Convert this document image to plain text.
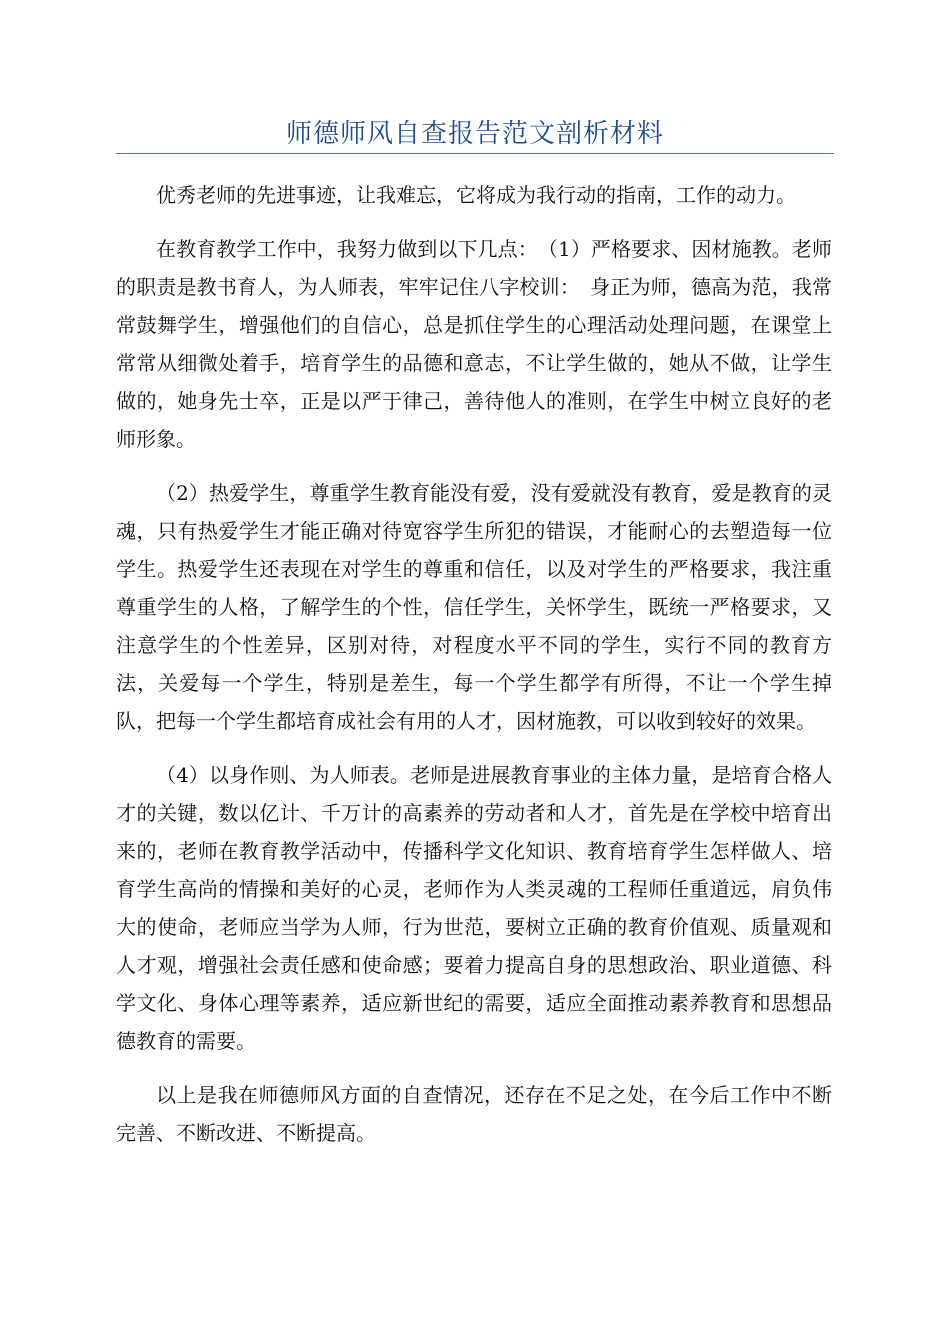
师德师风自查报告范文剖析材料

优秀老师的先进事迹，让我难忘，它将成为我行动的指南，工作的动力。

在教育教学工作中，我努力做到以下几点：　（1）严格要求、因材施教。老师的职责是教书育人，为人师表，牢牢记住八字校训：　身正为师，德高为范，我常常鼓舞学生，增强他们的自信心，总是抓住学生的心理活动处理问题，在课堂上常常从细微处着手，培育学生的品德和意志，不让学生做的，她从不做，让学生做的，她身先士卒，正是以严于律己，善待他人的准则，在学生中树立良好的老师形象。

（2）热爱学生，尊重学生教育能没有爱，没有爱就没有教育，爱是教育的灵魂，只有热爱学生才能正确对待宽容学生所犯的错误，才能耐心的去塑造每一位学生。热爱学生还表现在对学生的尊重和信任，以及对学生的严格要求，我注重尊重学生的人格，了解学生的个性，信任学生，关怀学生，既统一严格要求，又注意学生的个性差异，区别对待，对程度水平不同的学生，实行不同的教育方法，关爱每一个学生，特别是差生，每一个学生都学有所得，不让一个学生掉队，把每一个学生都培育成社会有用的人才，因材施教，可以收到较好的效果。

（4）以身作则、为人师表。老师是进展教育事业的主体力量，是培育合格人才的关键，数以亿计、千万计的高素养的劳动者和人才，首先是在学校中培育出来的，老师在教育教学活动中，传播科学文化知识、教育培育学生怎样做人、培育学生高尚的情操和美好的心灵，老师作为人类灵魂的工程师任重道远，肩负伟大的使命，老师应当学为人师，行为世范，要树立正确的教育价值观、质量观和人才观，增强社会责任感和使命感；要着力提高自身的思想政治、职业道德、科学文化、身体心理等素养，适应新世纪的需要，适应全面推动素养教育和思想品德教育的需要。

以上是我在师德师风方面的自查情况，还存在不足之处，在今后工作中不断完善、不断改进、不断提高。
